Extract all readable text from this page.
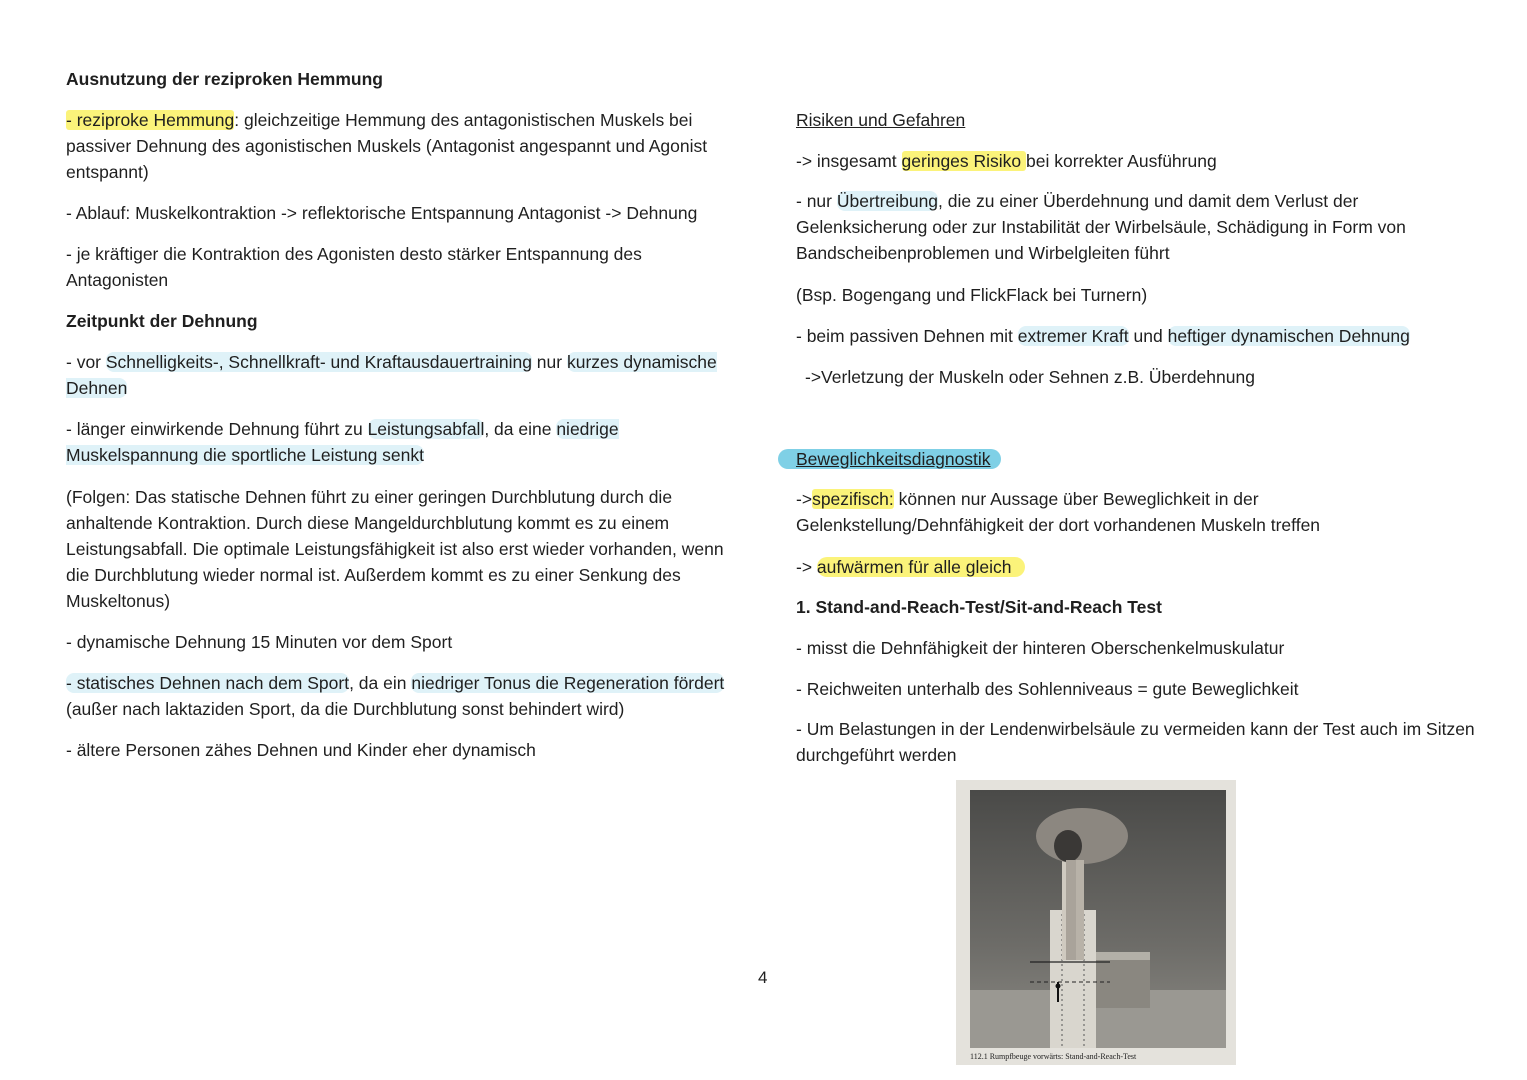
Ausnutzung der reziproken Hemmung

- reziproke Hemmung: gleichzeitige Hemmung des antagonistischen Muskels bei passiver Dehnung des agonistischen Muskels (Antagonist angespannt und Agonist entspannt)

- Ablauf: Muskelkontraktion -> reflektorische Entspannung Antagonist -> Dehnung

- je kräftiger die Kontraktion des Agonisten desto stärker Entspannung des Antagonisten

Zeitpunkt der Dehnung

- vor Schnelligkeits-, Schnellkraft- und Kraftausdauertraining nur kurzes dynamische Dehnen

- länger einwirkende Dehnung führt zu Leistungsabfall, da eine niedrige Muskelspannung die sportliche Leistung senkt

(Folgen: Das statische Dehnen führt zu einer geringen Durchblutung durch die anhaltende Kontraktion. Durch diese Mangeldurchblutung kommt es zu einem Leistungsabfall. Die optimale Leistungsfähigkeit ist also erst wieder vorhanden, wenn die Durchblutung wieder normal ist. Außerdem kommt es zu einer Senkung des Muskeltonus)

- dynamische Dehnung 15 Minuten vor dem Sport

- statisches Dehnen nach dem Sport, da ein niedriger Tonus die Regeneration fördert (außer nach laktaziden Sport, da die Durchblutung sonst behindert wird)

- ältere Personen zähes Dehnen und Kinder eher dynamisch

Risiken und Gefahren

-> insgesamt geringes Risiko bei korrekter Ausführung

- nur Übertreibung, die zu einer Überdehnung und damit dem Verlust der Gelenksicherung oder zur Instabilität der Wirbelsäule, Schädigung in Form von Bandscheibenproblemen und Wirbelgleiten führt

(Bsp. Bogengang und FlickFlack bei Turnern)

- beim passiven Dehnen mit extremer Kraft und heftiger dynamischen Dehnung

->Verletzung der Muskeln oder Sehnen z.B. Überdehnung

Beweglichkeitsdiagnostik

->spezifisch: können nur Aussage über Beweglichkeit in der Gelenkstellung/Dehnfähigkeit der dort vorhandenen Muskeln treffen

-> aufwärmen für alle gleich

1. Stand-and-Reach-Test/Sit-and-Reach Test

- misst die Dehnfähigkeit der hinteren Oberschenkelmuskulatur

- Reichweiten unterhalb des Sohlenniveaus = gute Beweglichkeit

- Um Belastungen in der Lendenwirbelsäule zu vermeiden kann der Test auch im Sitzen durchgeführt werden

112.1 Rumpfbeuge vorwärts: Stand-and-Reach-Test
4
